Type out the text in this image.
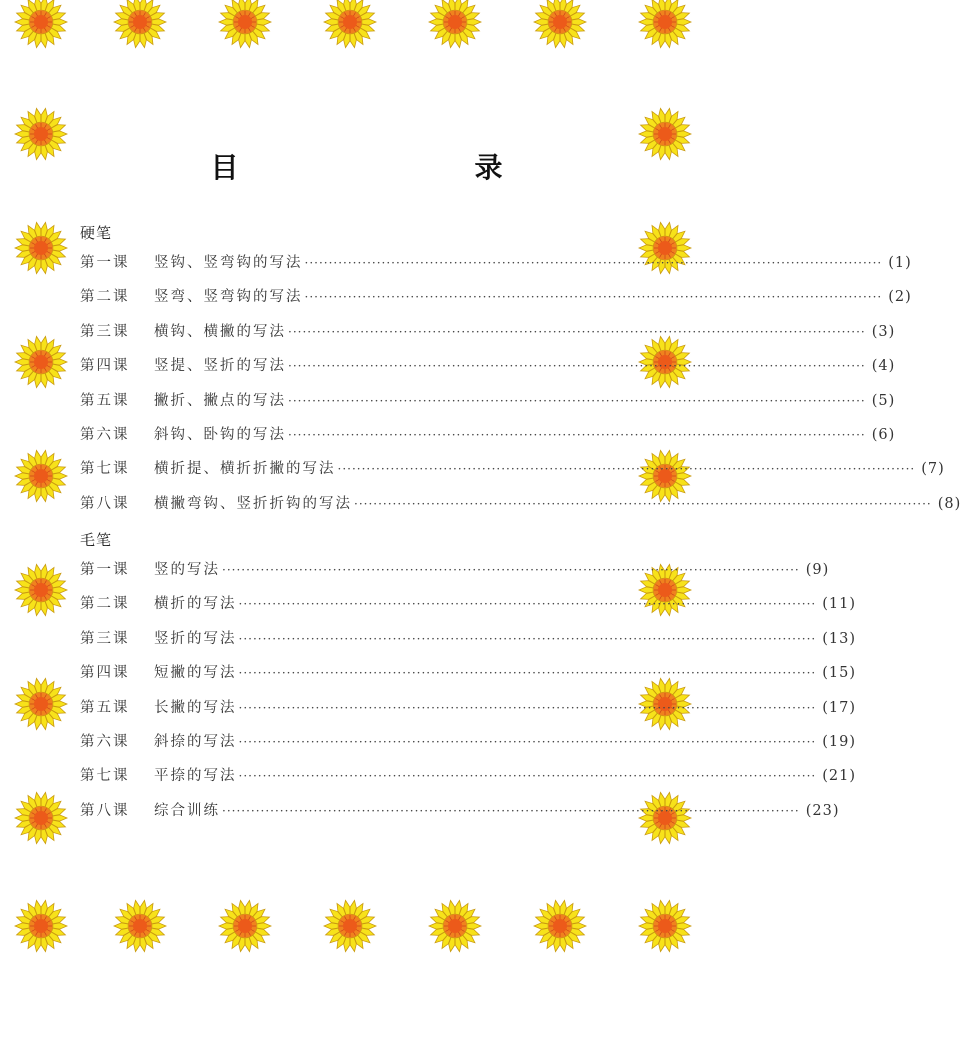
目　　录
硬笔
第一课	竖钩、竖弯钩的写法 ························································································································ (1)
第二课	竖弯、竖弯钩的写法 ························································································································ (2)
第三课	横钩、横撇的写法 ························································································································ (3)
第四课	竖提、竖折的写法 ························································································································ (4)
第五课	撇折、撇点的写法 ························································································································ (5)
第六课	斜钩、卧钩的写法 ························································································································ (6)
第七课	横折提、横折折撇的写法 ························································································································ (7)
第八课	横撇弯钩、竖折折钩的写法 ························································································································ (8)
毛笔
第一课	竖的写法 ························································································································ (9)
第二课	横折的写法 ························································································································ (11)
第三课	竖折的写法 ························································································································ (13)
第四课	短撇的写法 ························································································································ (15)
第五课	长撇的写法 ························································································································ (17)
第六课	斜捺的写法 ························································································································ (19)
第七课	平捺的写法 ························································································································ (21)
第八课	综合训练 ························································································································ (23)
